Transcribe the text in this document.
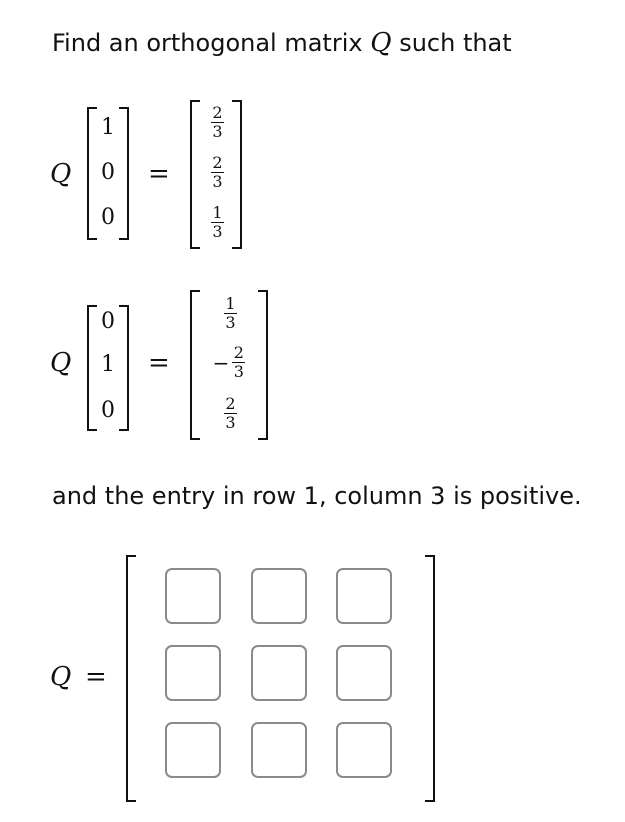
Find an orthogonal matrix Q such that
Q
1
0
0
=
$\frac{2}{3}$
$\frac{2}{3}$
$\frac{1}{3}$
Q
0
1
0
=
$\frac{1}{3}$
− $\frac{2}{3}$
$\frac{2}{3}$
and the entry in row 1, column 3 is positive.
Q =
